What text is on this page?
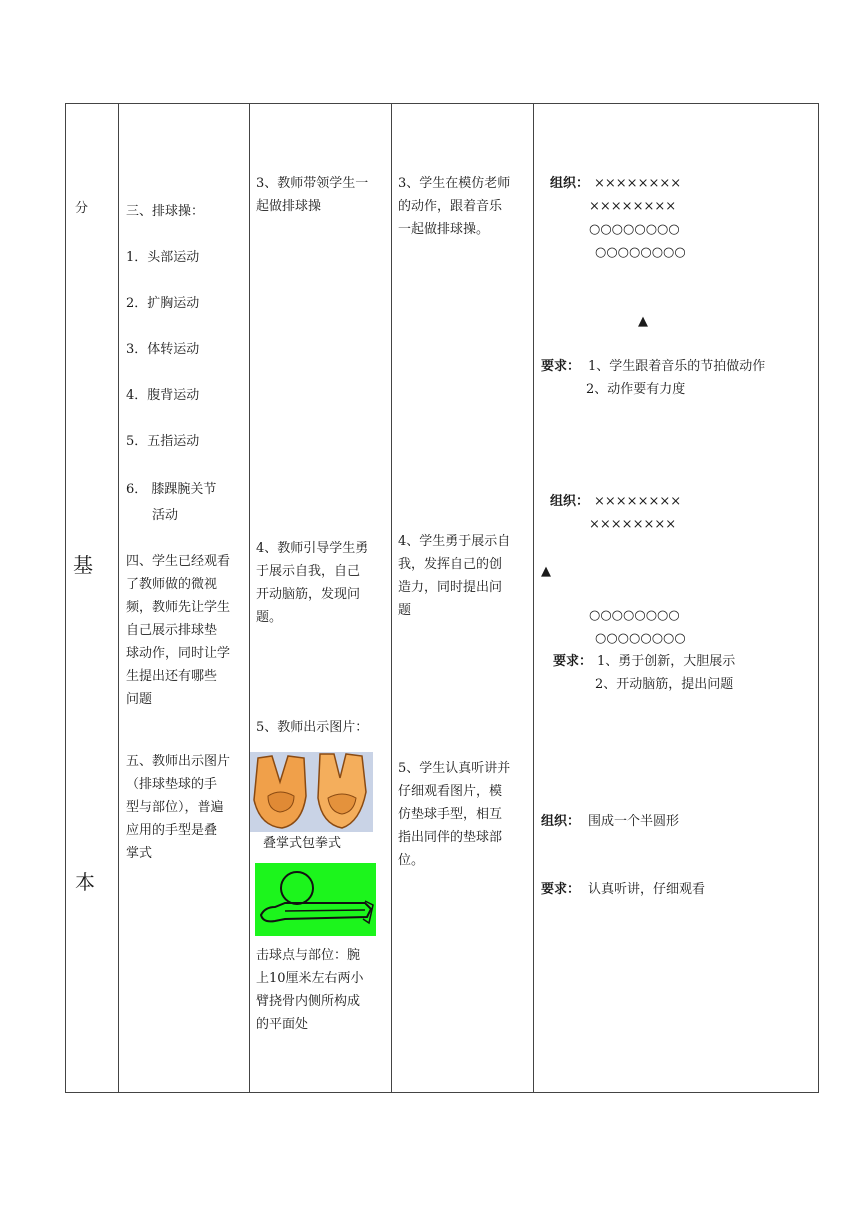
分
基
本
三、排球操：
1．头部运动
2．扩胸运动
3．体转运动
4．腹背运动
5．五指运动
6． 膝踝腕关节
活动
四、学生已经观看
了教师做的微视
频，教师先让学生
自己展示排球垫
球动作，同时让学
生提出还有哪些
问题
五、教师出示图片
（排球垫球的手
型与部位），普遍
应用的手型是叠
掌式
3、教师带领学生一
起做排球操
4、教师引导学生勇
于展示自我，自己
开动脑筋，发现问
题。
5、教师出示图片：
叠掌式包拳式
击球点与部位：腕
上10厘米左右两小
臂挠骨内侧所构成
的平面处
3、学生在模仿老师
的动作，跟着音乐
一起做排球操。
4、学生勇于展示自
我，发挥自己的创
造力，同时提出问
题
5、学生认真听讲并
仔细观看图片，模
仿垫球手型，相互
指出同伴的垫球部
位。
组织： ××××××××
××××××××
○○○○○○○○
○○○○○○○○
▲
要求： 1、学生跟着音乐的节拍做动作
2、动作要有力度
组织： ××××××××
××××××××
▲
○○○○○○○○
○○○○○○○○
要求： 1、勇于创新，大胆展示
2、开动脑筋，提出问题
组织： 围成一个半圆形
要求： 认真听讲，仔细观看
